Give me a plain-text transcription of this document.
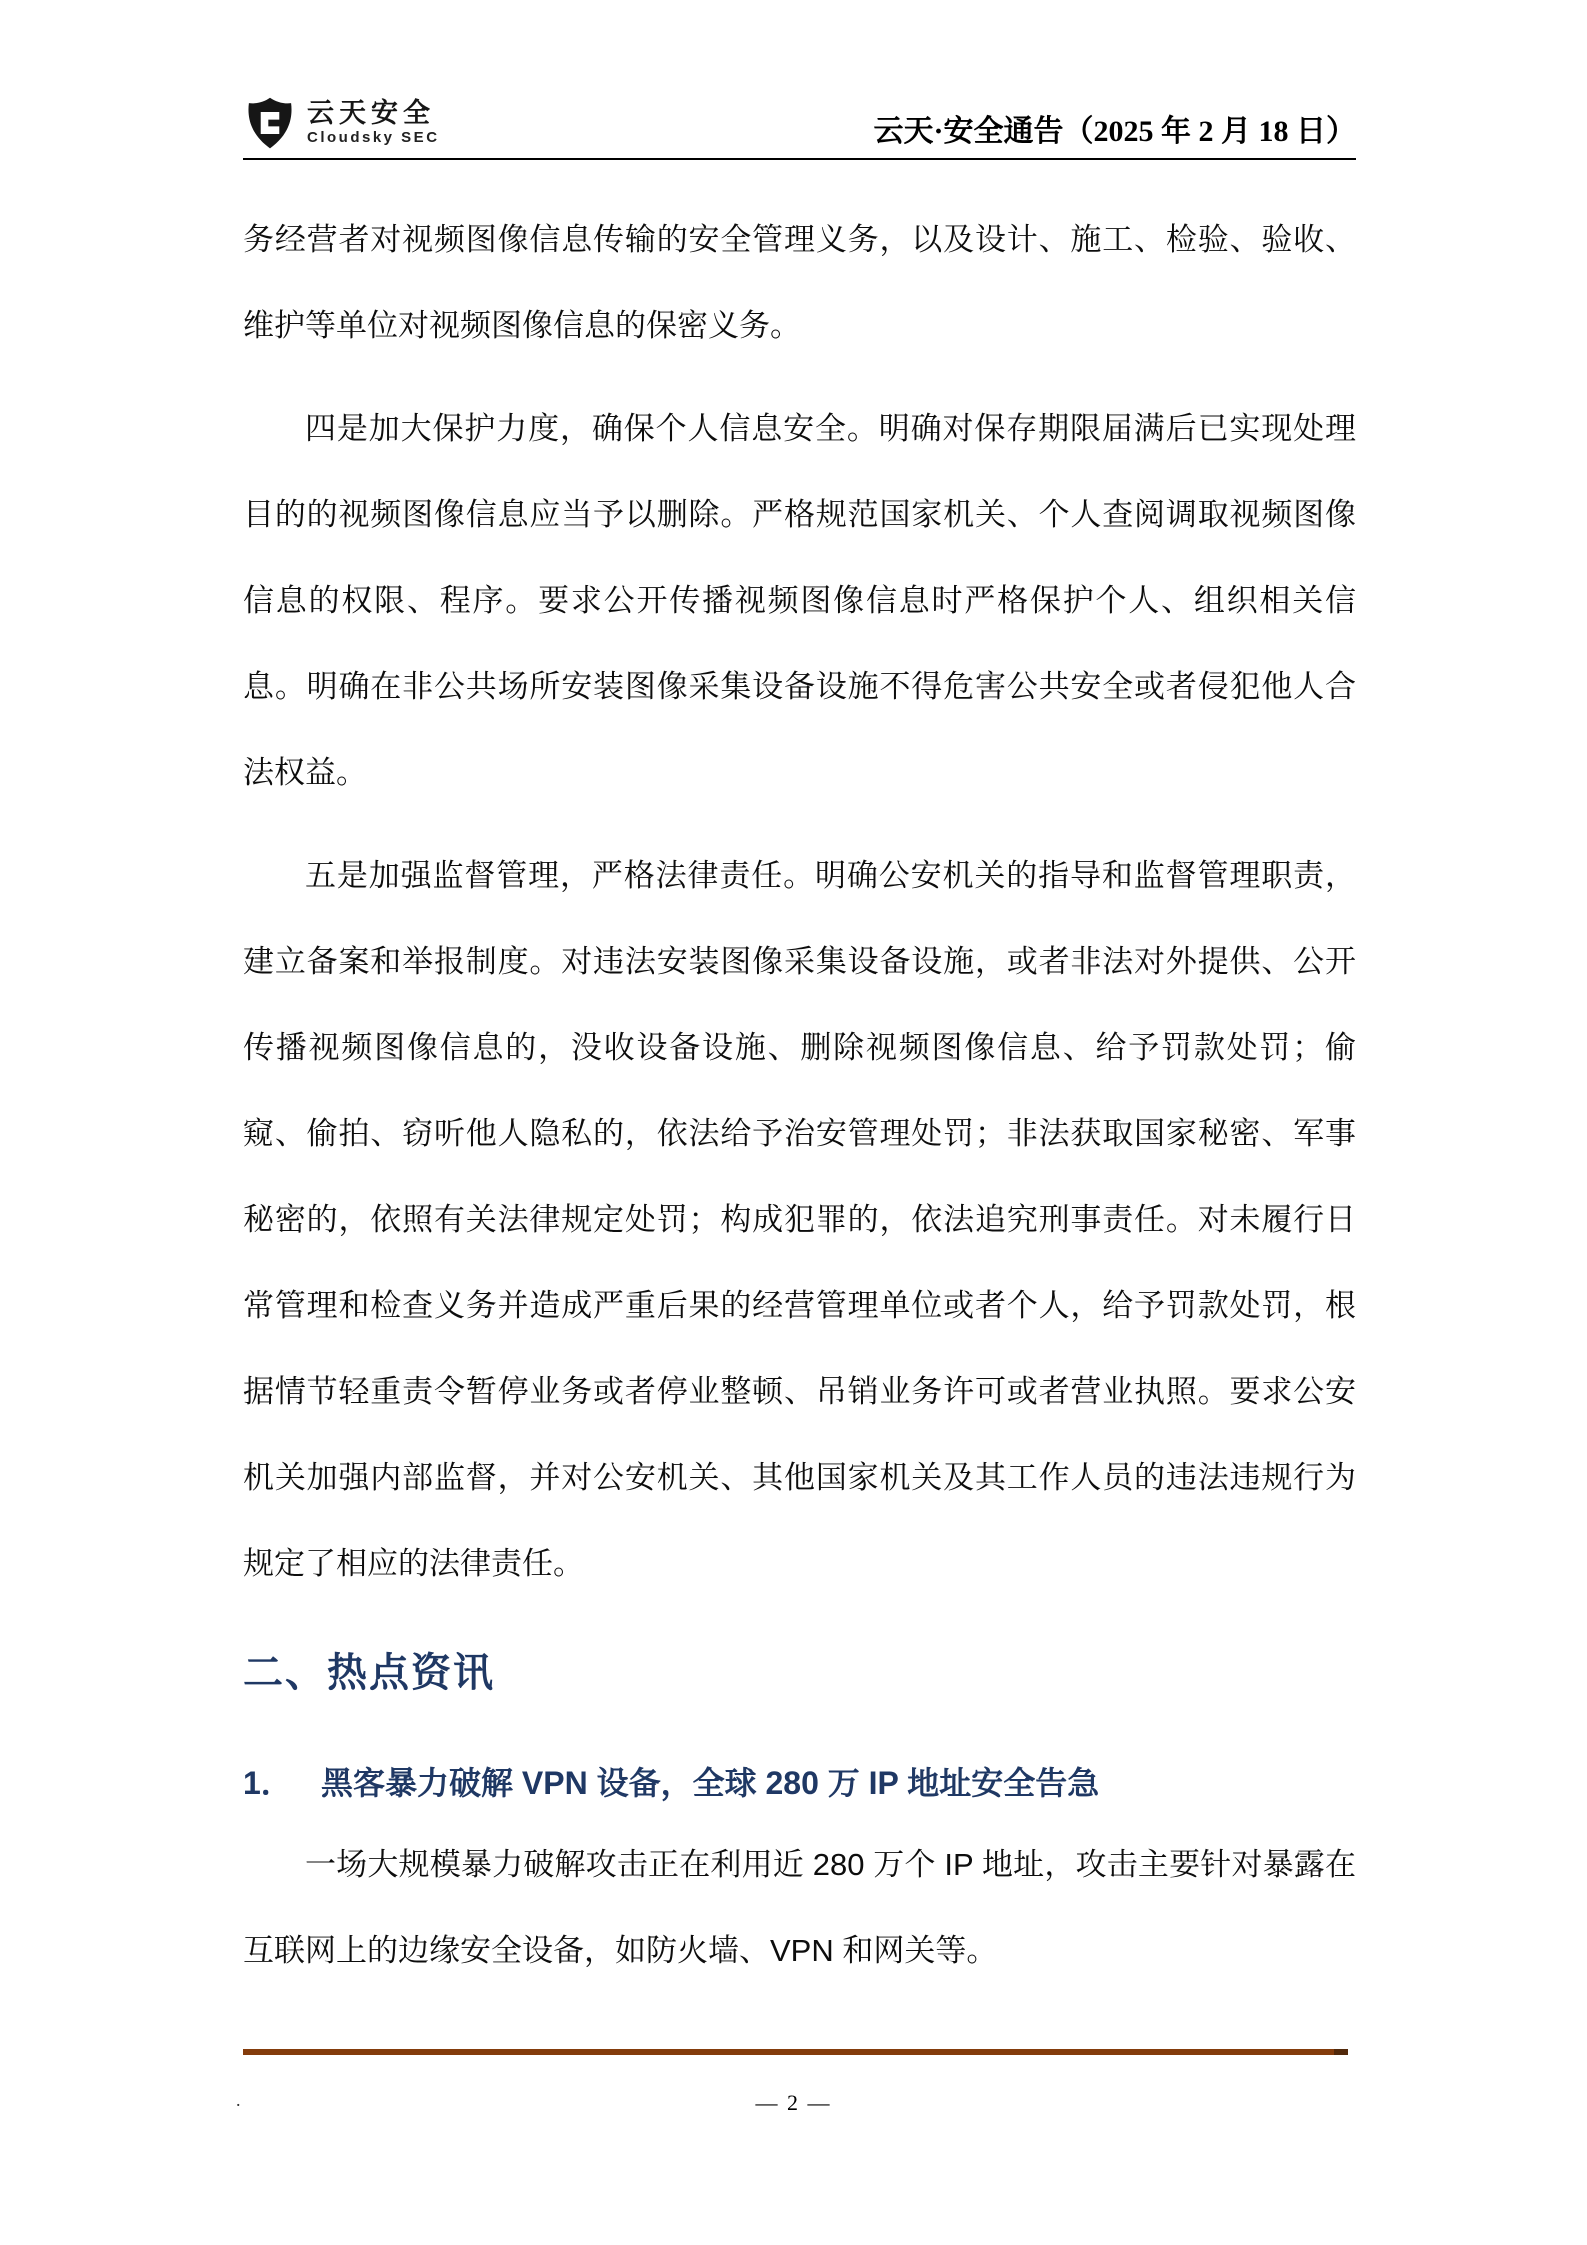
云天安全
Cloudsky SEC	云天·安全通告（2025 年 2 月 18 日）

务经营者对视频图像信息传输的安全管理义务，以及设计、施工、检验、验收、维护等单位对视频图像信息的保密义务。

四是加大保护力度，确保个人信息安全。明确对保存期限届满后已实现处理目的的视频图像信息应当予以删除。严格规范国家机关、个人查阅调取视频图像信息的权限、程序。要求公开传播视频图像信息时严格保护个人、组织相关信息。明确在非公共场所安装图像采集设备设施不得危害公共安全或者侵犯他人合法权益。

五是加强监督管理，严格法律责任。明确公安机关的指导和监督管理职责，建立备案和举报制度。对违法安装图像采集设备设施，或者非法对外提供、公开传播视频图像信息的，没收设备设施、删除视频图像信息、给予罚款处罚；偷窥、偷拍、窃听他人隐私的，依法给予治安管理处罚；非法获取国家秘密、军事秘密的，依照有关法律规定处罚；构成犯罪的，依法追究刑事责任。对未履行日常管理和检查义务并造成严重后果的经营管理单位或者个人，给予罚款处罚，根据情节轻重责令暂停业务或者停业整顿、吊销业务许可或者营业执照。要求公安机关加强内部监督，并对公安机关、其他国家机关及其工作人员的违法违规行为规定了相应的法律责任。

二、热点资讯
1． 黑客暴力破解 VPN 设备，全球 280 万 IP 地址安全告急

一场大规模暴力破解攻击正在利用近 280 万个 IP 地址，攻击主要针对暴露在互联网上的边缘安全设备，如防火墙、VPN 和网关等。

.	— 2 —
